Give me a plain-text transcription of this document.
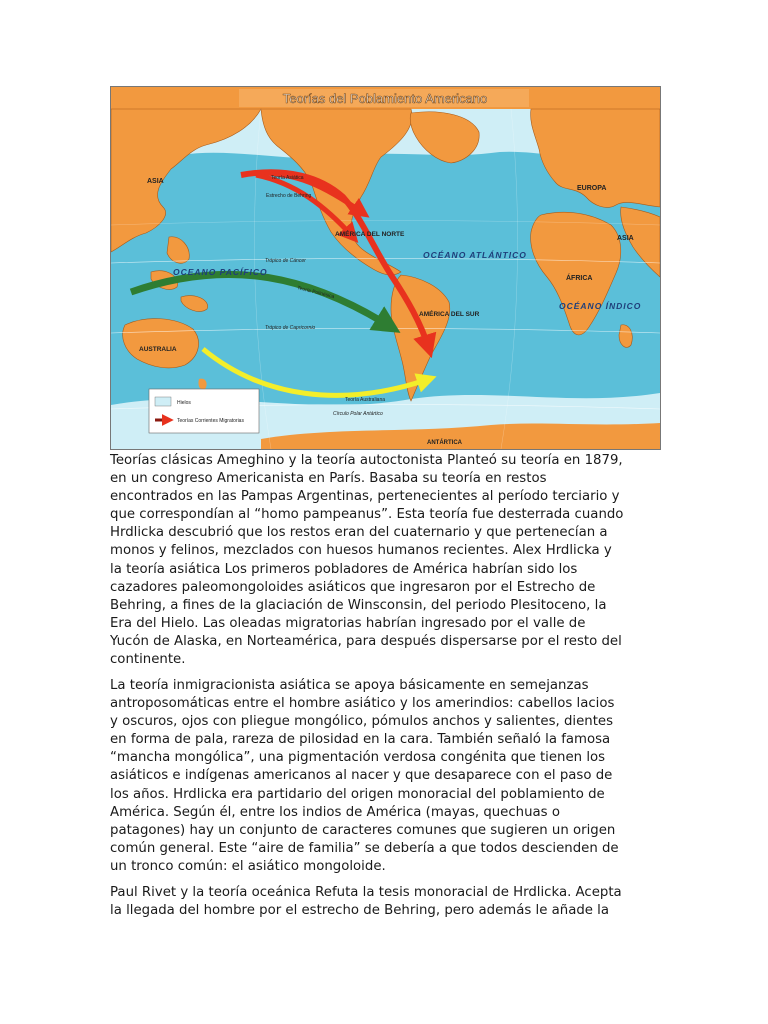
Teorías del Poblamiento Americano
ASIA
EUROPA
ASIA
ÁFRICA
AMÉRICA DEL NORTE
AMÉRICA DEL SUR
AUSTRALIA
ANTÁRTICA
OCÉANO ATLÁNTICO
OCEANO PACÍFICO
OCÉANO ÍNDICO
Trópico de Cáncer
Trópico de Capricornio
Círculo Polar Antártico
Estrecho de Behring
Teoría Polinésica
Teoría Australiana
Teoría Asiática
Hielos
Teorías Corrientes Migratorias

Teorías clásicas Ameghino y la teoría autoctonista Planteó su teoría en 1879,
en un congreso Americanista en París. Basaba su teoría en restos
encontrados en las Pampas Argentinas, pertenecientes al período terciario y
que correspondían al “homo pampeanus”. Esta teoría fue desterrada cuando
Hrdlicka descubrió que los restos eran del cuaternario y que pertenecían a
monos y felinos, mezclados con huesos humanos recientes. Alex Hrdlicka y
la teoría asiática Los primeros pobladores de América habrían sido los
cazadores paleomongoloides asiáticos que ingresaron por el Estrecho de
Behring, a fines de la glaciación de Winsconsin, del periodo Plesitoceno, la
Era del Hielo. Las oleadas migratorias habrían ingresado por el valle de
Yucón de Alaska, en Norteamérica, para después dispersarse por el resto del
continente.

La teoría inmigracionista asiática se apoya básicamente en semejanzas
antroposomáticas entre el hombre asiático y los amerindios: cabellos lacios
y oscuros, ojos con pliegue mongólico, pómulos anchos y salientes, dientes
en forma de pala, rareza de pilosidad en la cara. También señaló la famosa
“mancha mongólica”, una pigmentación verdosa congénita que tienen los
asiáticos e indígenas americanos al nacer y que desaparece con el paso de
los años. Hrdlicka era partidario del origen monoracial del poblamiento de
América. Según él, entre los indios de América (mayas, quechuas o
patagones) hay un conjunto de caracteres comunes que sugieren un origen
común general. Este “aire de familia” se debería a que todos descienden de
un tronco común: el asiático mongoloide.

Paul Rivet y la teoría oceánica Refuta la tesis monoracial de Hrdlicka. Acepta
la llegada del hombre por el estrecho de Behring, pero además le añade la
